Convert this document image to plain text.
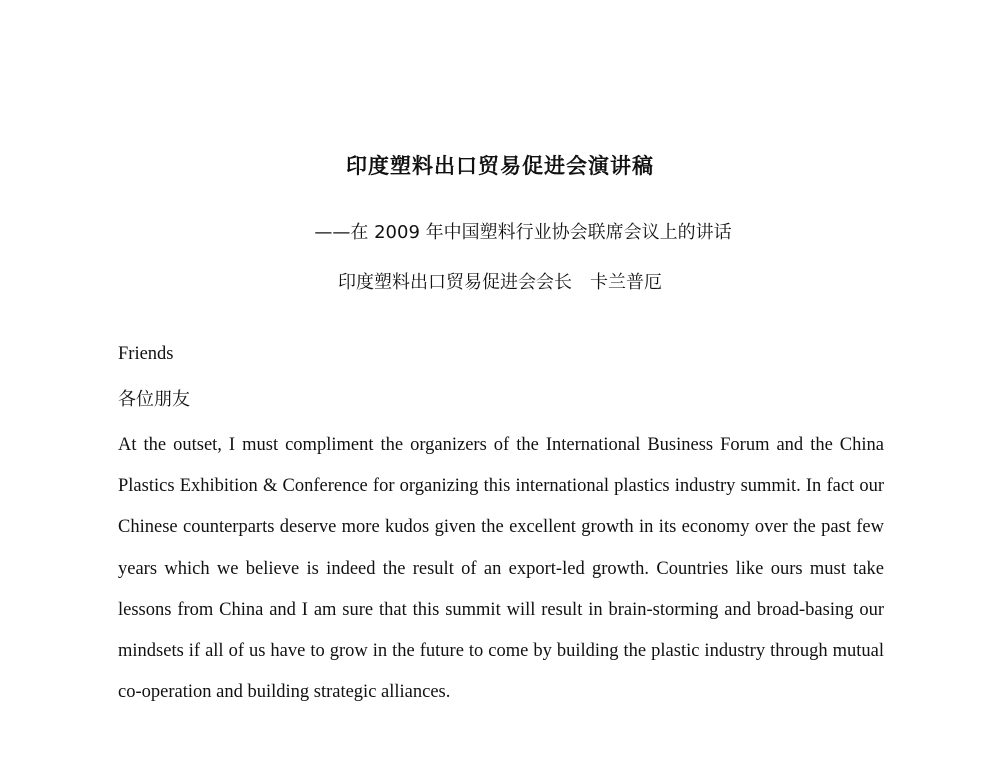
印度塑料出口贸易促进会演讲稿

——在 2009 年中国塑料行业协会联席会议上的讲话

印度塑料出口贸易促进会会长　卡兰普厄

Friends

各位朋友

At the outset, I must compliment the organizers of the International Business Forum and the China Plastics Exhibition & Conference for organizing this international plastics industry summit. In fact our Chinese counterparts deserve more kudos given the excellent growth in its economy over the past few years which we believe is indeed the result of an export-led growth. Countries like ours must take lessons from China and I am sure that this summit will result in brain-storming and broad-basing our mindsets if all of us have to grow in the future to come by building the plastic industry through mutual co-operation and building strategic alliances.
